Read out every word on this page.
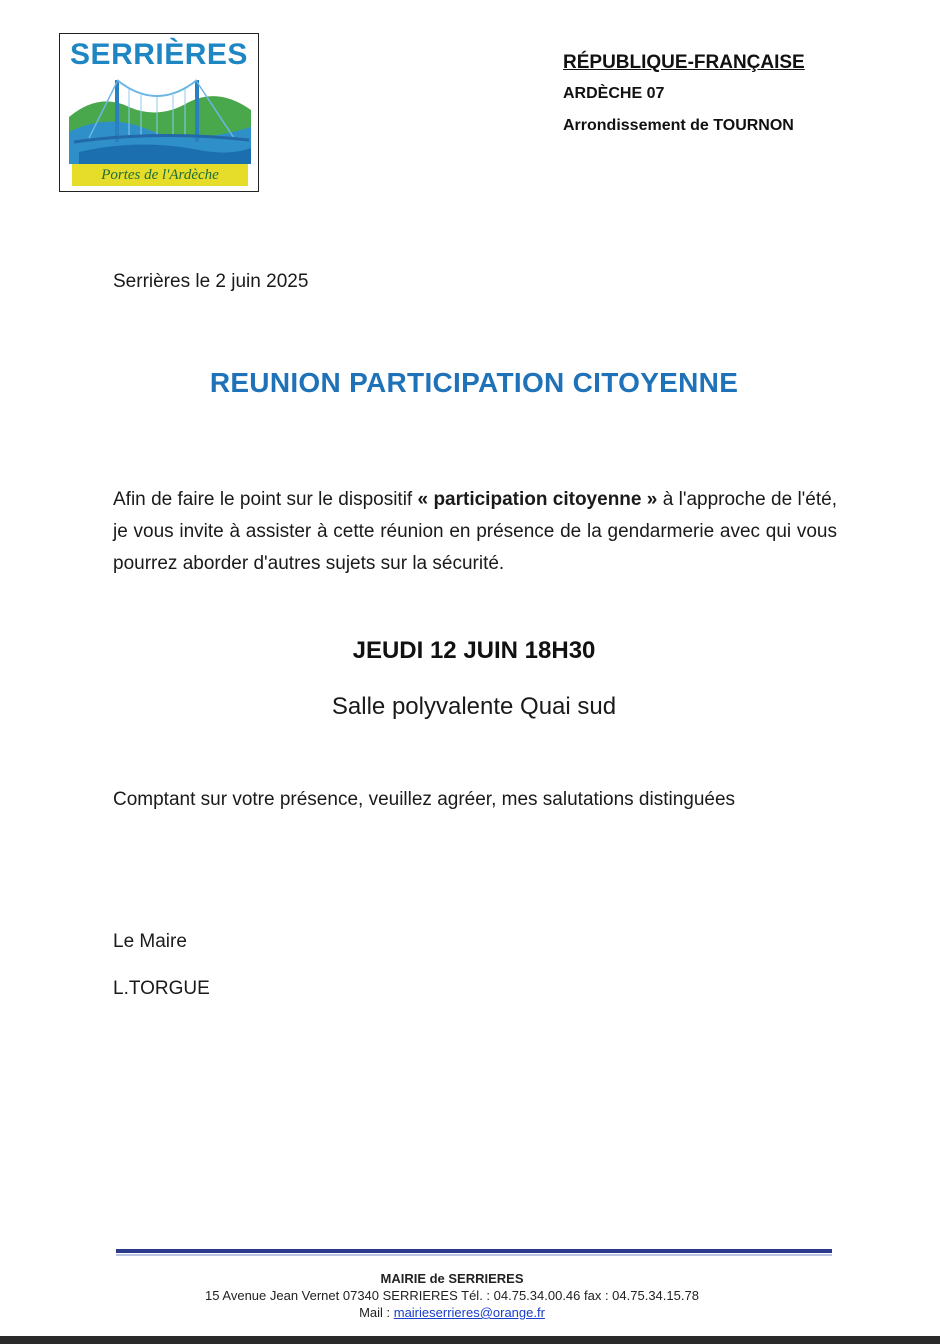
SERRIÈRES
Portes de l'Ardèche
RÉPUBLIQUE-FRANÇAISE
ARDÈCHE 07
Arrondissement de TOURNON
Serrières le 2 juin 2025
REUNION PARTICIPATION CITOYENNE
Afin de faire le point sur le dispositif « participation citoyenne » à l'approche de l'été, je vous invite à assister à cette réunion en présence de la gendarmerie avec qui vous pourrez aborder d'autres sujets sur la sécurité.
JEUDI 12 JUIN 18H30
Salle polyvalente Quai sud
Comptant sur votre présence, veuillez agréer, mes salutations distinguées
Le Maire
L.TORGUE
MAIRIE de SERRIERES
15 Avenue Jean Vernet 07340 SERRIERES Tél. : 04.75.34.00.46 fax : 04.75.34.15.78
Mail : mairieserrieres@orange.fr
